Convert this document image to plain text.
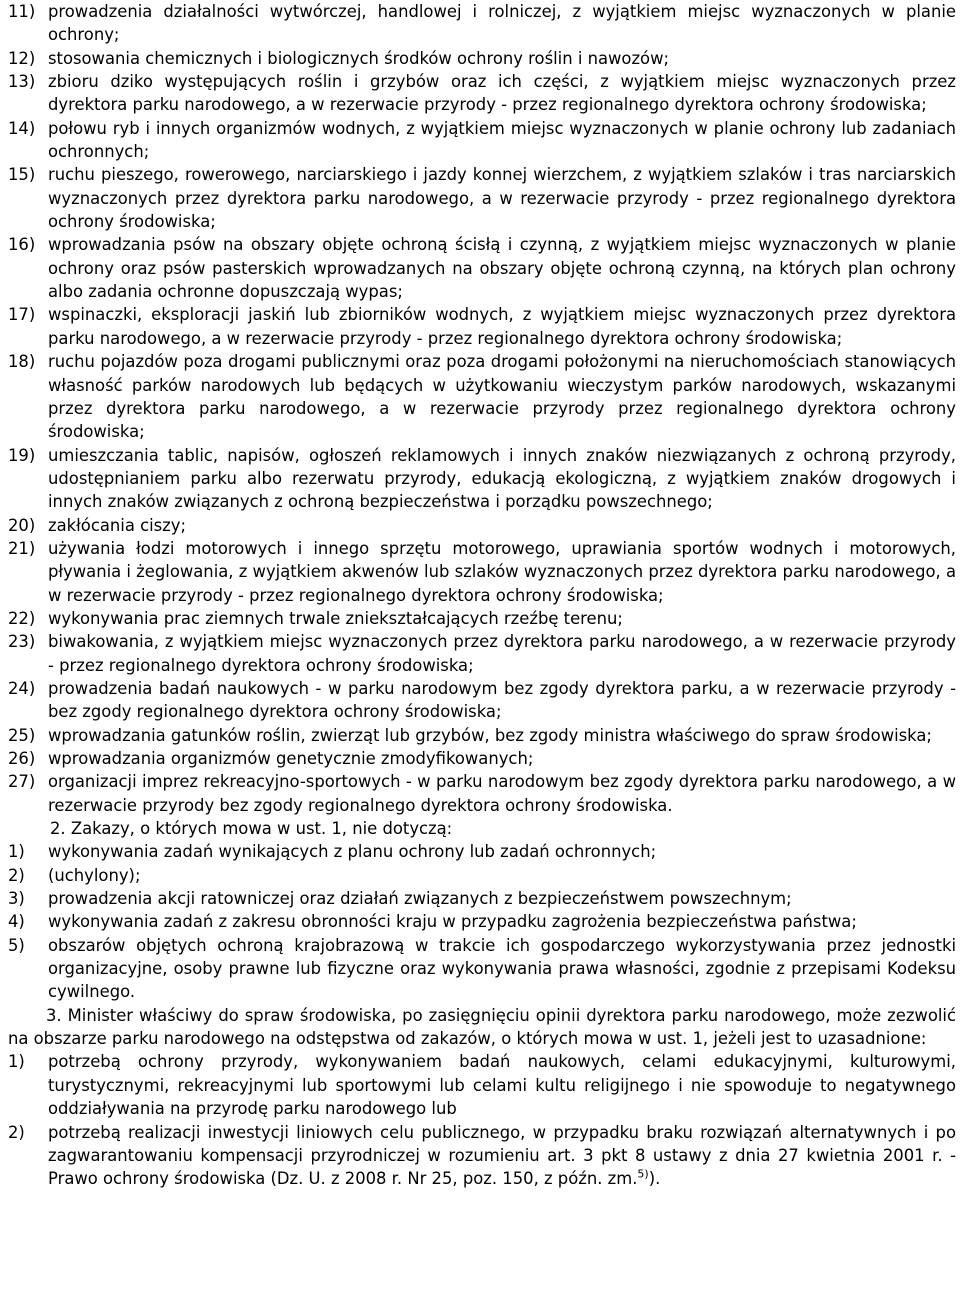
11) prowadzenia działalności wytwórczej, handlowej i rolniczej, z wyjątkiem miejsc wyznaczonych w planie ochrony;
12) stosowania chemicznych i biologicznych środków ochrony roślin i nawozów;
13) zbioru dziko występujących roślin i grzybów oraz ich części, z wyjątkiem miejsc wyznaczonych przez dyrektora parku narodowego, a w rezerwacie przyrody - przez regionalnego dyrektora ochrony środowiska;
14) połowu ryb i innych organizmów wodnych, z wyjątkiem miejsc wyznaczonych w planie ochrony lub zadaniach ochronnych;
15) ruchu pieszego, rowerowego, narciarskiego i jazdy konnej wierzchem, z wyjątkiem szlaków i tras narciarskich wyznaczonych przez dyrektora parku narodowego, a w rezerwacie przyrody - przez regionalnego dyrektora ochrony środowiska;
16) wprowadzania psów na obszary objęte ochroną ścisłą i czynną, z wyjątkiem miejsc wyznaczonych w planie ochrony oraz psów pasterskich wprowadzanych na obszary objęte ochroną czynną, na których plan ochrony albo zadania ochronne dopuszczają wypas;
17) wspinaczki, eksploracji jaskiń lub zbiorników wodnych, z wyjątkiem miejsc wyznaczonych przez dyrektora parku narodowego, a w rezerwacie przyrody - przez regionalnego dyrektora ochrony środowiska;
18) ruchu pojazdów poza drogami publicznymi oraz poza drogami położonymi na nieruchomościach stanowiących własność parków narodowych lub będących w użytkowaniu wieczystym parków narodowych, wskazanymi przez dyrektora parku narodowego, a w rezerwacie przyrody przez regionalnego dyrektora ochrony środowiska;
19) umieszczania tablic, napisów, ogłoszeń reklamowych i innych znaków niezwiązanych z ochroną przyrody, udostępnianiem parku albo rezerwatu przyrody, edukacją ekologiczną, z wyjątkiem znaków drogowych i innych znaków związanych z ochroną bezpieczeństwa i porządku powszechnego;
20) zakłócania ciszy;
21) używania łodzi motorowych i innego sprzętu motorowego, uprawiania sportów wodnych i motorowych, pływania i żeglowania, z wyjątkiem akwenów lub szlaków wyznaczonych przez dyrektora parku narodowego, a w rezerwacie przyrody - przez regionalnego dyrektora ochrony środowiska;
22) wykonywania prac ziemnych trwale zniekształcających rzeźbę terenu;
23) biwakowania, z wyjątkiem miejsc wyznaczonych przez dyrektora parku narodowego, a w rezerwacie przyrody - przez regionalnego dyrektora ochrony środowiska;
24) prowadzenia badań naukowych - w parku narodowym bez zgody dyrektora parku, a w rezerwacie przyrody - bez zgody regionalnego dyrektora ochrony środowiska;
25) wprowadzania gatunków roślin, zwierząt lub grzybów, bez zgody ministra właściwego do spraw środowiska;
26) wprowadzania organizmów genetycznie zmodyfikowanych;
27) organizacji imprez rekreacyjno-sportowych - w parku narodowym bez zgody dyrektora parku narodowego, a w rezerwacie przyrody bez zgody regionalnego dyrektora ochrony środowiska.
2. Zakazy, o których mowa w ust. 1, nie dotyczą:
1) wykonywania zadań wynikających z planu ochrony lub zadań ochronnych;
2) (uchylony);
3) prowadzenia akcji ratowniczej oraz działań związanych z bezpieczeństwem powszechnym;
4) wykonywania zadań z zakresu obronności kraju w przypadku zagrożenia bezpieczeństwa państwa;
5) obszarów objętych ochroną krajobrazową w trakcie ich gospodarczego wykorzystywania przez jednostki organizacyjne, osoby prawne lub fizyczne oraz wykonywania prawa własności, zgodnie z przepisami Kodeksu cywilnego.
3. Minister właściwy do spraw środowiska, po zasięgnięciu opinii dyrektora parku narodowego, może zezwolić na obszarze parku narodowego na odstępstwa od zakazów, o których mowa w ust. 1, jeżeli jest to uzasadnione:
1) potrzebą ochrony przyrody, wykonywaniem badań naukowych, celami edukacyjnymi, kulturowymi, turystycznymi, rekreacyjnymi lub sportowymi lub celami kultu religijnego i nie spowoduje to negatywnego oddziaływania na przyrodę parku narodowego lub
2) potrzebą realizacji inwestycji liniowych celu publicznego, w przypadku braku rozwiązań alternatywnych i po zagwarantowaniu kompensacji przyrodniczej w rozumieniu art. 3 pkt 8 ustawy z dnia 27 kwietnia 2001 r. - Prawo ochrony środowiska (Dz. U. z 2008 r. Nr 25, poz. 150, z późn. zm.$^{5)}$).
